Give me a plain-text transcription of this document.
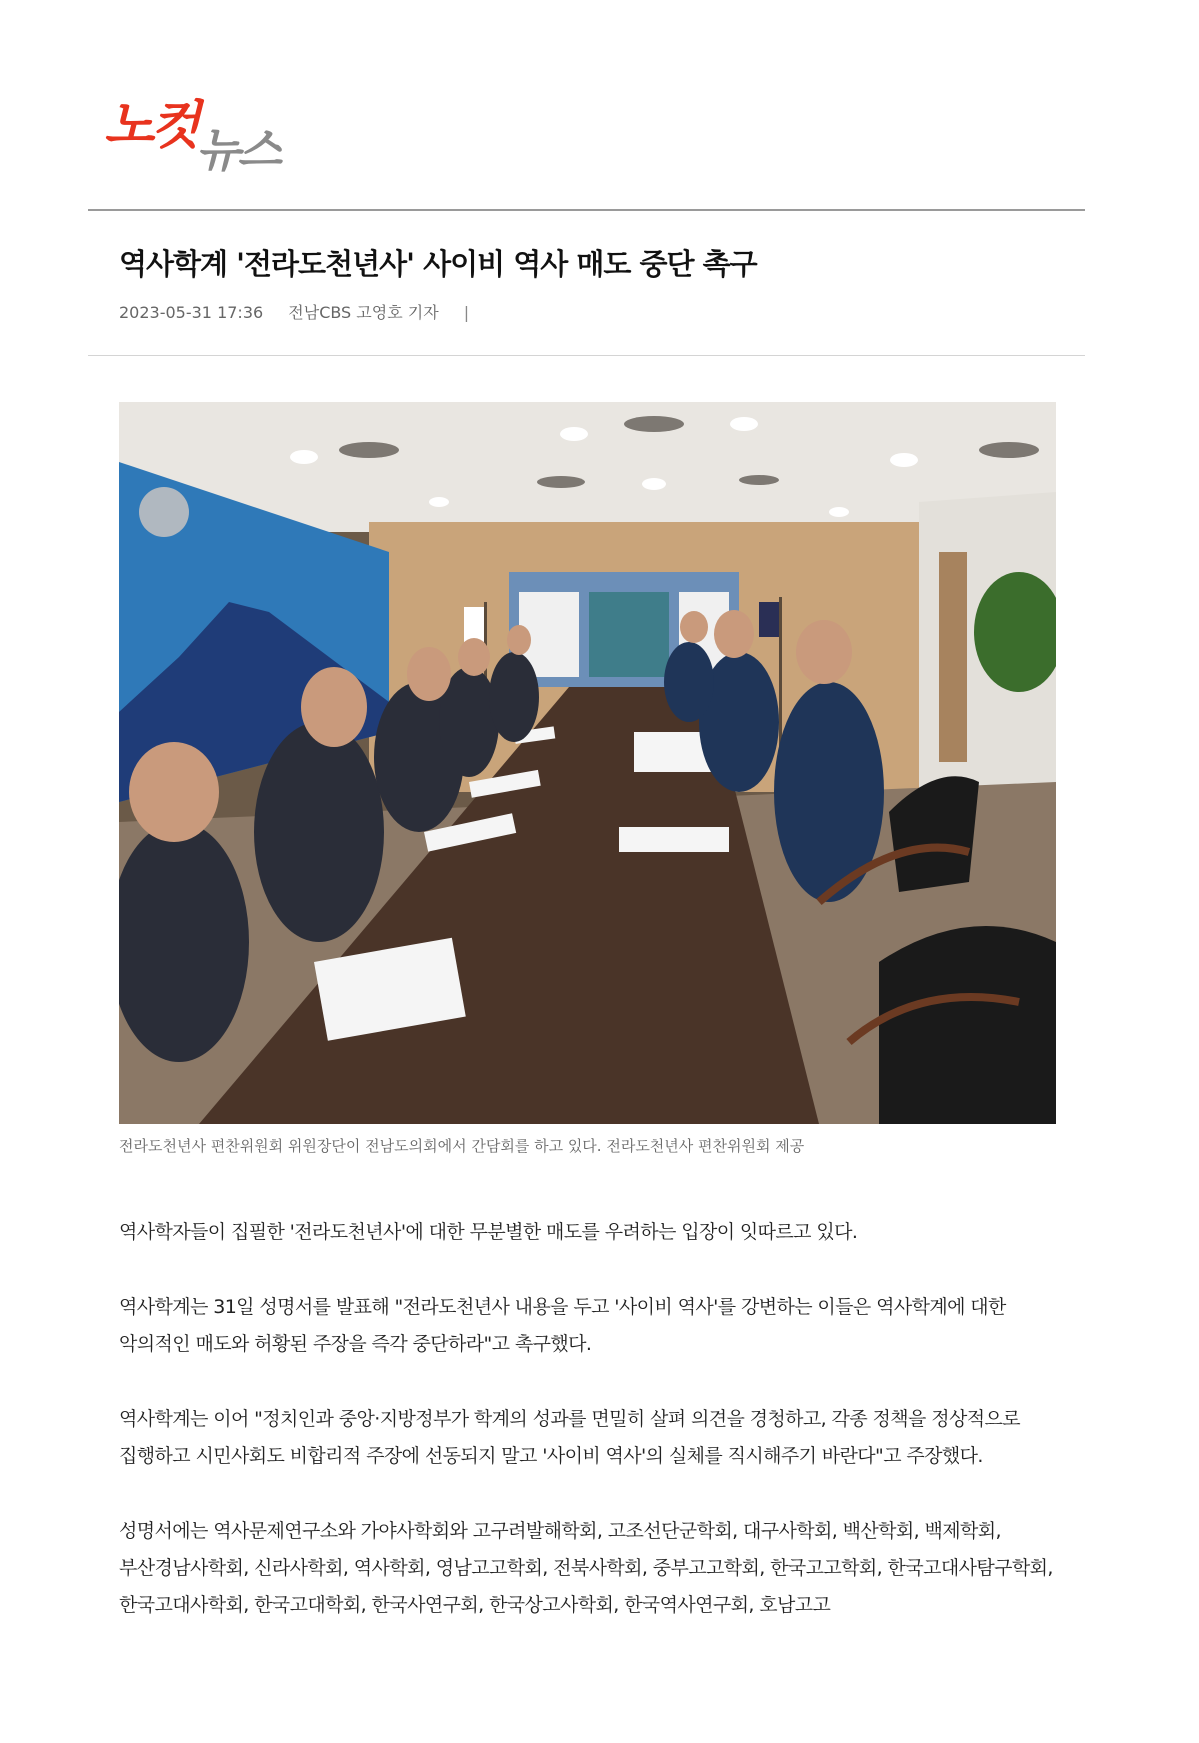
노컷 뉴스
역사학계 '전라도천년사' 사이비 역사 매도 중단 촉구
2023-05-31 17:36 전남CBS 고영호 기자 |
전라도천년사 편찬위원회 위원장단이 전남도의회에서 간담회를 하고 있다. 전라도천년사 편찬위원회 제공

역사학자들이 집필한 '전라도천년사'에 대한 무분별한 매도를 우려하는 입장이 잇따르고 있다.

역사학계는 31일 성명서를 발표해 "전라도천년사 내용을 두고 '사이비 역사'를 강변하는 이들은 역사학계에 대한 악의적인 매도와 허황된 주장을 즉각 중단하라"고 촉구했다.

역사학계는 이어 "정치인과 중앙·지방정부가 학계의 성과를 면밀히 살펴 의견을 경청하고, 각종 정책을 정상적으로 집행하고 시민사회도 비합리적 주장에 선동되지 말고 '사이비 역사'의 실체를 직시해주기 바란다"고 주장했다.

성명서에는 역사문제연구소와 가야사학회와 고구려발해학회, 고조선단군학회, 대구사학회, 백산학회, 백제학회, 부산경남사학회, 신라사학회, 역사학회, 영남고고학회, 전북사학회, 중부고고학회, 한국고고학회, 한국고대사탐구학회, 한국고대사학회, 한국고대학회, 한국사연구회, 한국상고사학회, 한국역사연구회, 호남고고
